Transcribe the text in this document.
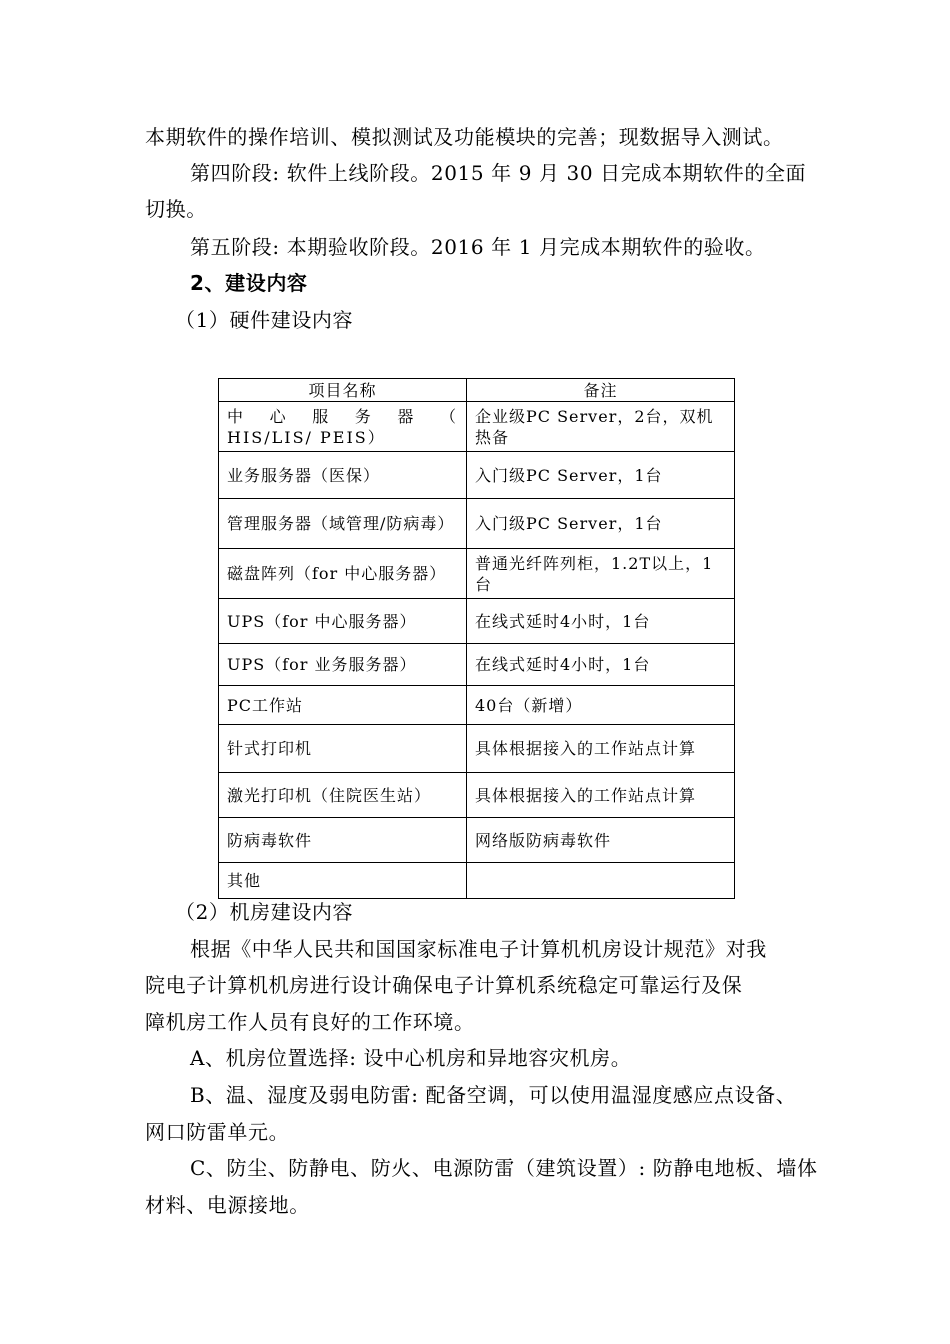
本期软件的操作培训、模拟测试及功能模块的完善；现数据导入测试。
第四阶段: 软件上线阶段。2015 年 9 月 30 日完成本期软件的全面
切换。
第五阶段: 本期验收阶段。2016 年 1 月完成本期软件的验收。
2、建设内容
（1）硬件建设内容
项目名称	备注
中 心 服 务 器 （ HIS/LIS/ PEIS）	企业级PC Server，2台，双机热备
业务服务器（医保）	入门级PC Server，1台
管理服务器（域管理/防病毒）	入门级PC Server，1台
磁盘阵列（for 中心服务器）	普通光纤阵列柜，1.2T以上，1台
UPS（for 中心服务器）	在线式延时4小时，1台
UPS（for 业务服务器）	在线式延时4小时，1台
PC工作站	40台（新增）
针式打印机	具体根据接入的工作站点计算
激光打印机（住院医生站）	具体根据接入的工作站点计算
防病毒软件	网络版防病毒软件
其他	
（2）机房建设内容
根据《中华人民共和国国家标准电子计算机机房设计规范》对我
院电子计算机机房进行设计确保电子计算机系统稳定可靠运行及保
障机房工作人员有良好的工作环境。
A、机房位置选择: 设中心机房和异地容灾机房。
B、温、湿度及弱电防雷: 配备空调，可以使用温湿度感应点设备、
网口防雷单元。
C、防尘、防静电、防火、电源防雷（建筑设置）: 防静电地板、墙体
材料、电源接地。
